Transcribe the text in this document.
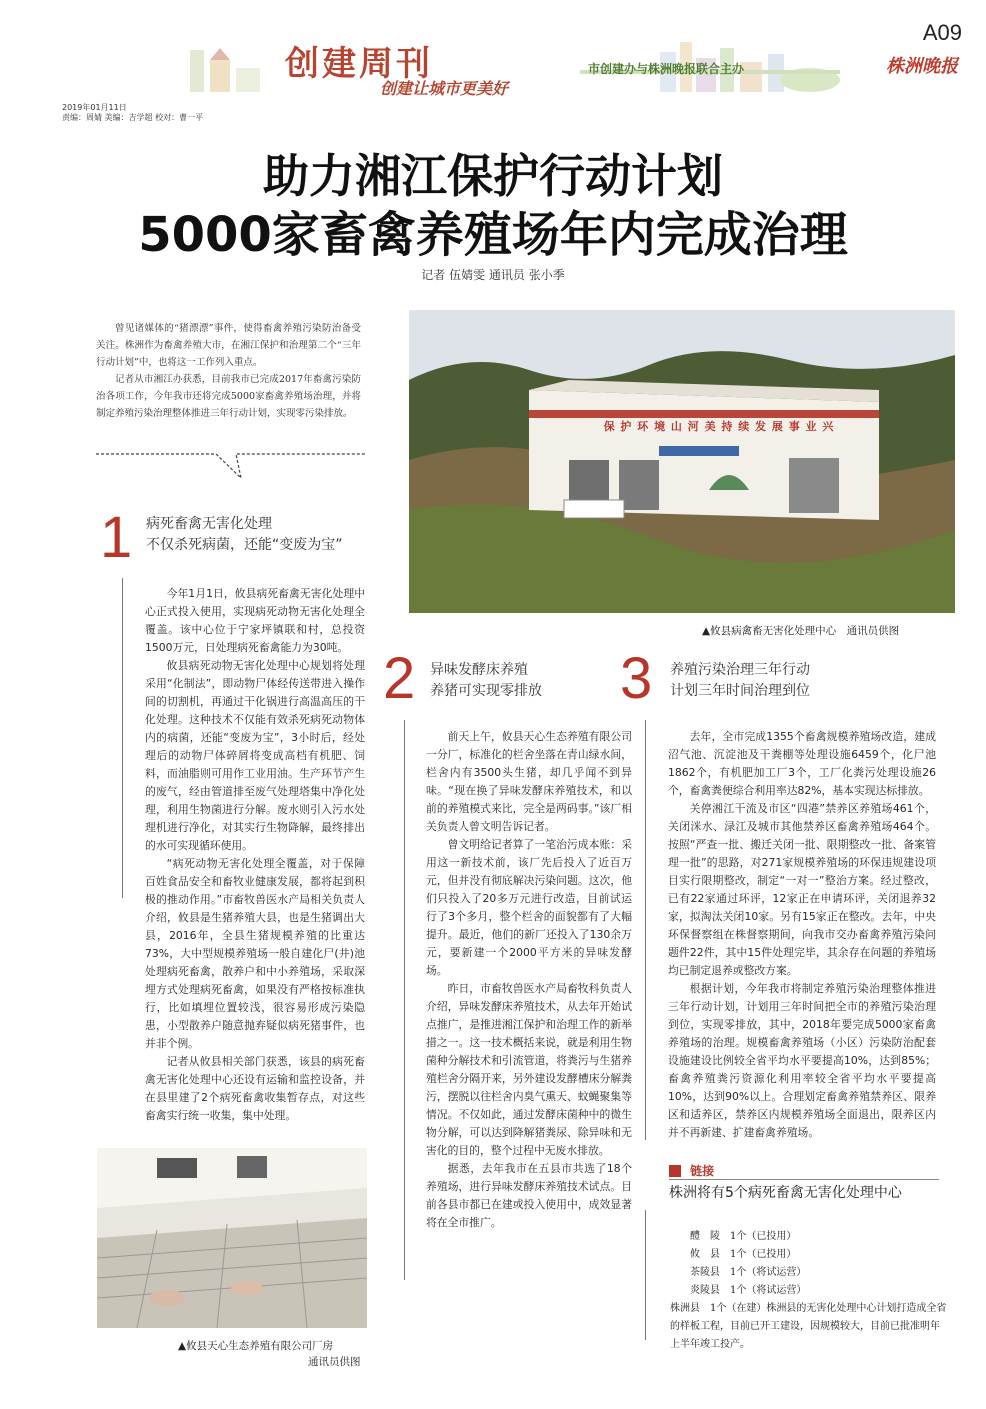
A09
株洲晚报
创建周刊
创建让城市更美好
市创建办与株洲晚报联合主办
2019年01月11日
责编：周婧 美编：吉学超 校对：曹一平
助力湘江保护行动计划
5000家畜禽养殖场年内完成治理
记者 伍婧雯 通讯员 张小季

曾见诸媒体的“猪漂漂”事件，使得畜禽养殖污染防治备受关注。株洲作为畜禽养殖大市，在湘江保护和治理第二个“三年行动计划”中，也将这一工作列入重点。

记者从市湘江办获悉，目前我市已完成2017年畜禽污染防治各项工作，今年我市还将完成5000家畜禽养殖场治理，并将制定养殖污染治理整体推进三年行动计划，实现零污染排放。

保 护 环 境 山 河 美 持 续 发 展 事 业 兴
▲攸县病禽畜无害化处理中心　通讯员供图
1 病死畜禽无害化处理
不仅杀死病菌，还能“变废为宝”

今年1月1日，攸县病死畜禽无害化处理中心正式投入使用，实现病死动物无害化处理全覆盖。该中心位于宁家坪镇联和村，总投资1500万元，日处理病死畜禽能力为30吨。

攸县病死动物无害化处理中心规划将处理采用“化制法”，即动物尸体经传送带进入操作间的切割机，再通过干化锅进行高温高压的干化处理。这种技术不仅能有效杀死病死动物体内的病菌，还能“变废为宝”，3小时后，经处理后的动物尸体碎屑将变成高档有机肥、饲料，而油脂则可用作工业用油。生产环节产生的废气，经由管道排至废气处理塔集中净化处理，利用生物菌进行分解。废水则引入污水处理机进行净化，对其实行生物降解，最终排出的水可实现循环使用。

“病死动物无害化处理全覆盖，对于保障百姓食品安全和畜牧业健康发展，都将起到积极的推动作用。”市畜牧兽医水产局相关负责人介绍，攸县是生猪养殖大县，也是生猪调出大县，2016年，全县生猪规模养殖的比重达73%，大中型规模养殖场一般自建化尸(井)池处理病死畜禽，散养户和中小养殖场，采取深埋方式处理病死畜禽，如果没有严格按标准执行，比如填埋位置较浅，很容易形成污染隐患，小型散养户随意抛弃疑似病死猪事件，也并非个例。

记者从攸县相关部门获悉，该县的病死畜禽无害化处理中心还设有运输和监控设备，并在县里建了2个病死畜禽收集暂存点，对这些畜禽实行统一收集，集中处理。

▲攸县天心生态养殖有限公司厂房
通讯员供图
2 异味发酵床养殖
养猪可实现零排放

前天上午，攸县天心生态养殖有限公司一分厂，标准化的栏舍坐落在青山绿水间，栏舍内有3500头生猪，却几乎闻不到异味。“现在换了异味发酵床养殖技术，和以前的养殖模式来比，完全是两码事。”该厂相关负责人曾文明告诉记者。

曾文明给记者算了一笔治污成本账：采用这一新技术前，该厂先后投入了近百万元，但并没有彻底解决污染问题。这次，他们只投入了20多万元进行改造，目前试运行了3个多月，整个栏舍的面貌都有了大幅提升。最近，他们的新厂还投入了130余万元，要新建一个2000平方米的异味发酵场。

昨日，市畜牧兽医水产局畜牧科负责人介绍，异味发酵床养殖技术，从去年开始试点推广，是推进湘江保护和治理工作的新举措之一。这一技术概括来说，就是利用生物菌种分解技术和引流管道，将粪污与生猪养殖栏舍分隔开来，另外建设发酵槽床分解粪污，摆脱以往栏舍内臭气熏天、蚊蝇聚集等情况。不仅如此，通过发酵床菌种中的微生物分解，可以达到降解猪粪尿、除异味和无害化的目的，整个过程中无废水排放。

据悉，去年我市在五县市共选了18个养殖场，进行异味发酵床养殖技术试点。目前各县市都已在建或投入使用中，成效显著将在全市推广。

3 养殖污染治理三年行动
计划三年时间治理到位

去年，全市完成1355个畜禽规模养殖场改造，建成沼气池、沉淀池及干粪棚等处理设施6459个，化尸池1862个，有机肥加工厂3个，工厂化粪污处理设施26个，畜禽粪便综合利用率达82%，基本实现达标排放。

关停湘江干流及市区“四港”禁养区养殖场461个，关闭洣水、渌江及城市其他禁养区畜禽养殖场464个。按照“严查一批、搬迁关闭一批、限期整改一批、备案管理一批”的思路，对271家规模养殖场的环保违规建设项目实行限期整改，制定“一对一”整治方案。经过整改，已有22家通过环评，12家正在申请环评，关闭退养32家，拟淘汰关闭10家。另有15家正在整改。去年，中央环保督察组在株督察期间，向我市交办畜禽养殖污染问题件22件，其中15件处理完毕，其余存在问题的养殖场均已制定退养或整改方案。

根据计划，今年我市将制定养殖污染治理整体推进三年行动计划，计划用三年时间把全市的养殖污染治理到位，实现零排放，其中，2018年要完成5000家畜禽养殖场的治理。规模畜禽养殖场（小区）污染防治配套设施建设比例较全省平均水平要提高10%，达到85%；畜禽养殖粪污资源化利用率较全省平均水平要提高10%，达到90%以上。合理划定畜禽养殖禁养区、限养区和适养区，禁养区内规模养殖场全面退出，限养区内并不再新建、扩建畜禽养殖场。

链接
株洲将有5个病死畜禽无害化处理中心
醴　陵　1个（已投用）
攸　县　1个（已投用）
茶陵县　1个（将试运营）
炎陵县　1个（将试运营）
株洲县　1个（在建）株洲县的无害化处理中心计划打造成全省的样板工程，目前已开工建设，因规模较大，目前已批准明年上半年竣工投产。
